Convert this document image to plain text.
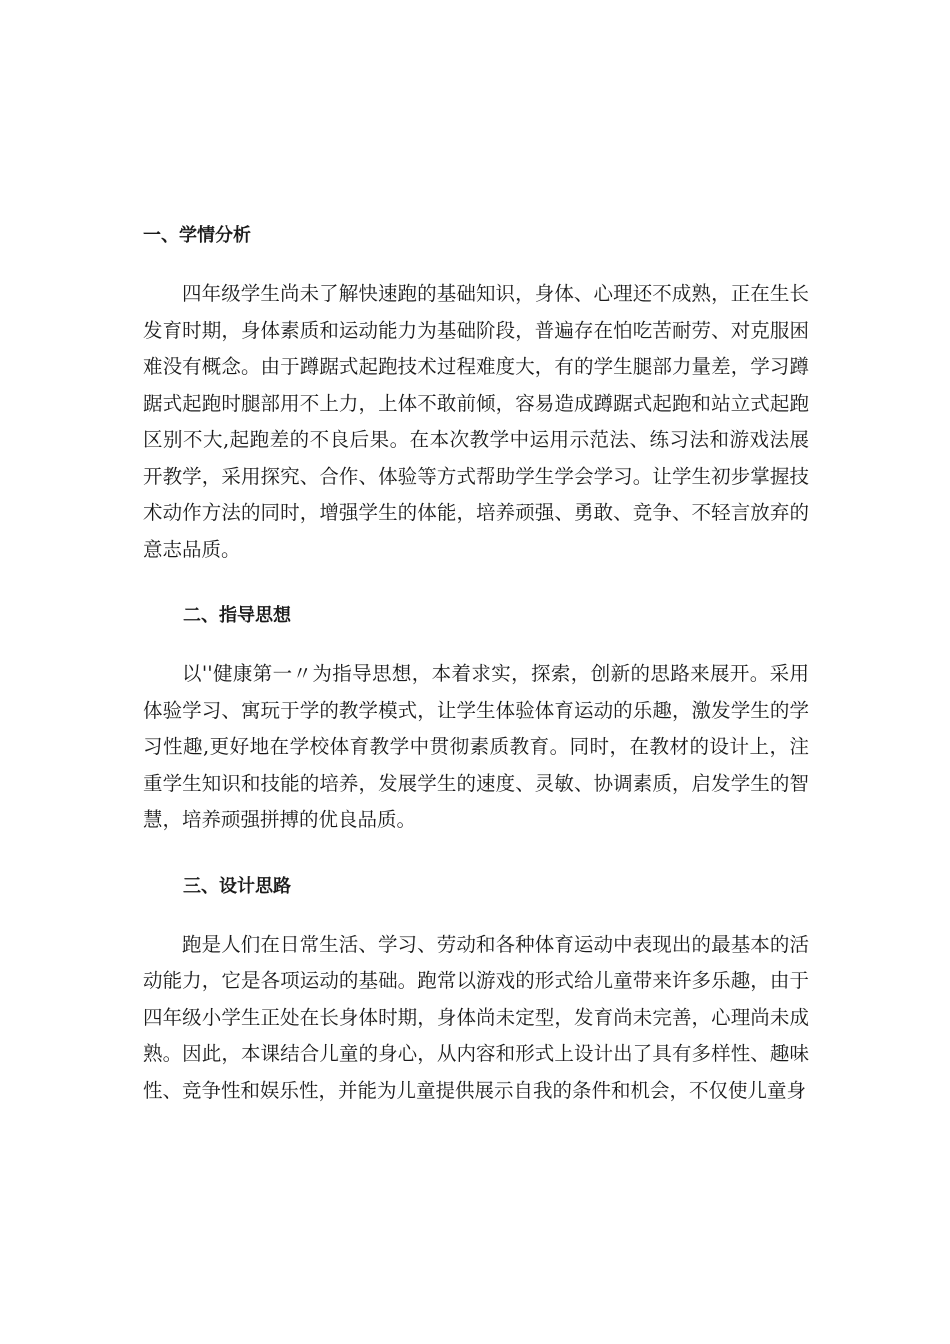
一、学情分析

四年级学生尚未了解快速跑的基础知识，身体、心理还不成熟，正在生长发育时期，身体素质和运动能力为基础阶段，普遍存在怕吃苦耐劳、对克服困难没有概念。由于蹲踞式起跑技术过程难度大，有的学生腿部力量差，学习蹲踞式起跑时腿部用不上力，上体不敢前倾，容易造成蹲踞式起跑和站立式起跑区别不大,起跑差的不良后果。在本次教学中运用示范法、练习法和游戏法展开教学，采用探究、合作、体验等方式帮助学生学会学习。让学生初步掌握技术动作方法的同时，增强学生的体能，培养顽强、勇敢、竞争、不轻言放弃的意志品质。

二、指导思想

以''健康第一〃为指导思想，本着求实，探索，创新的思路来展开。采用体验学习、寓玩于学的教学模式，让学生体验体育运动的乐趣，激发学生的学习性趣,更好地在学校体育教学中贯彻素质教育。同时，在教材的设计上，注重学生知识和技能的培养，发展学生的速度、灵敏、协调素质，启发学生的智慧，培养顽强拼搏的优良品质。

三、设计思路

跑是人们在日常生活、学习、劳动和各种体育运动中表现出的最基本的活动能力，它是各项运动的基础。跑常以游戏的形式给儿童带来许多乐趣，由于四年级小学生正处在长身体时期，身体尚未定型，发育尚未完善，心理尚未成熟。因此，本课结合儿童的身心，从内容和形式上设计出了具有多样性、趣味性、竞争性和娱乐性，并能为儿童提供展示自我的条件和机会，不仅使儿童身
